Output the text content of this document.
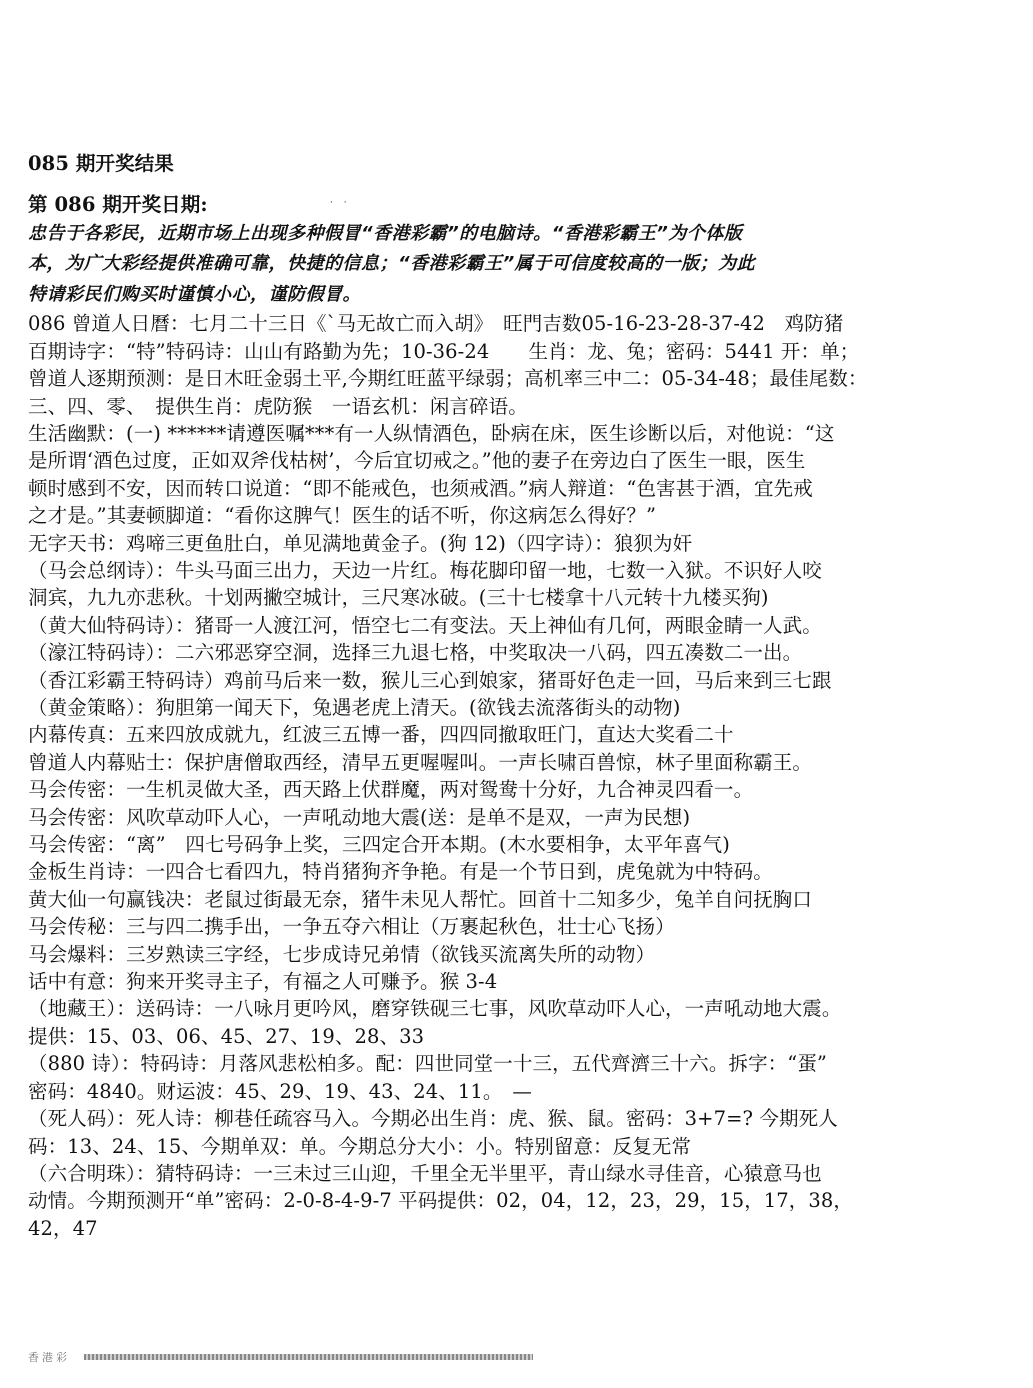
085 期开奖结果
第 086 期开奖日期:
忠告于各彩民，近期市场上出现多种假冒“香港彩霸”的电脑诗。“香港彩霸王”为个体版
本，为广大彩经提供准确可靠，快捷的信息；“香港彩霸王”属于可信度较高的一版；为此
特请彩民们购买时谨慎小心，谨防假冒。
086 曾道人日曆：七月二十三日《`马无故亡而入胡》　旺門吉数05-16-23-28-37-42　鸡防猪
百期诗字：“特”特码诗：山山有路勤为先；10-36-24　　生肖：龙、兔；密码：5441 开：单；
曾道人逐期预测：是日木旺金弱土平,今期红旺蓝平绿弱；高机率三中二：05-34-48；最佳尾数：
三、四、零、　提供生肖：虎防猴　一语玄机：闲言碎语。
生活幽默：(一) ******请遵医嘱***有一人纵情酒色，卧病在床，医生诊断以后，对他说：“这
是所谓‘酒色过度，正如双斧伐枯树’，今后宜切戒之。”他的妻子在旁边白了医生一眼，医生
顿时感到不安，因而转口说道：“即不能戒色，也须戒酒。”病人辩道：“色害甚于酒，宜先戒
之才是。”其妻顿脚道：“看你这脾气！医生的话不听，你这病怎么得好？”
无字天书：鸡啼三更鱼肚白，单见满地黄金子。(狗 12)（四字诗）：狼狈为奸
（马会总纲诗）：牛头马面三出力，天边一片红。梅花脚印留一地，七数一入狱。不识好人咬
洞宾，九九亦悲秋。十划两撇空城计，三尺寒冰破。(三十七楼拿十八元转十九楼买狗)
（黄大仙特码诗）：猪哥一人渡江河，悟空七二有变法。天上神仙有几何，两眼金睛一人武。
（濠江特码诗）：二六邪恶穿空洞，选择三九退七格，中奖取决一八码，四五凑数二一出。
（香江彩霸王特码诗）鸡前马后来一数，猴儿三心到娘家，猪哥好色走一回，马后来到三七跟
（黄金策略）：狗胆第一闻天下，兔遇老虎上清天。(欲钱去流落街头的动物)
内幕传真：五来四放成就九，红波三五博一番，四四同撤取旺门，直达大奖看二十
曾道人内幕贴士：保护唐僧取西经，清早五更喔喔叫。一声长啸百兽惊，林子里面称霸王。
马会传密：一生机灵做大圣，西天路上伏群魔，两对鸳鸯十分好，九合神灵四看一。
马会传密：风吹草动吓人心，一声吼动地大震(送：是单不是双，一声为民想)
马会传密：“离”　四七号码争上奖，三四定合开本期。(木水要相争，太平年喜气)
金板生肖诗：一四合七看四九，特肖猪狗齐争艳。有是一个节日到，虎兔就为中特码。
黄大仙一句赢钱决：老鼠过街最无奈，猪牛未见人帮忙。回首十二知多少，兔羊自问抚胸口
马会传秘：三与四二携手出，一争五夺六相让（万裹起秋色，壮士心飞扬）
马会爆料：三岁熟读三字经，七步成诗兄弟情（欲钱买流离失所的动物）
话中有意：狗来开奖寻主子，有福之人可赚予。猴 3-4
（地藏王）：送码诗：一八咏月更吟风，磨穿铁砚三七事，风吹草动吓人心，一声吼动地大震。
提供：15、03、06、45、27、19、28、33
（880 诗）：特码诗：月落风悲松柏多。配：四世同堂一十三，五代齊濟三十六。拆字：“蛋”
密码：4840。财运波：45、29、19、43、24、11。　—
（死人码）：死人诗：柳巷任疏容马入。今期必出生肖：虎、猴、鼠。密码：3+7=? 今期死人
码：13、24、15、今期单双：单。今期总分大小：小。特别留意：反复无常
（六合明珠）：猜特码诗：一三未过三山迎，千里全无半里平，青山绿水寻佳音，心猿意马也
动情。今期预测开“单”密码：2-0-8-4-9-7 平码提供：02，04，12，23，29，15，17，38，
42，47
· ·
香港彩
